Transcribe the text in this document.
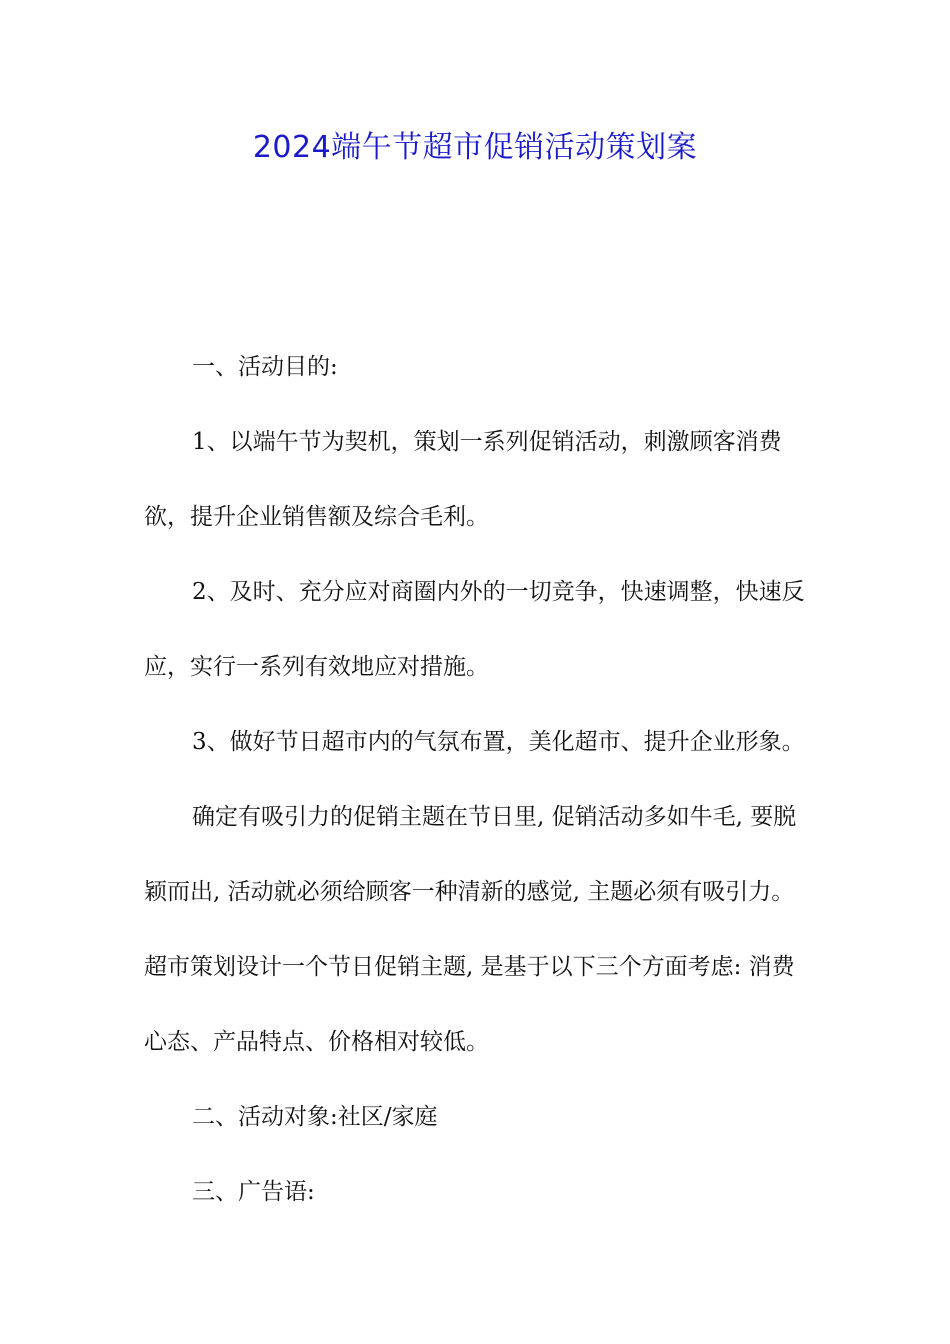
2024端午节超市促销活动策划案

一、活动目的:

1、以端午节为契机，策划一系列促销活动，刺激顾客消费欲，提升企业销售额及综合毛利。

2、及时、充分应对商圈内外的一切竞争，快速调整，快速反应，实行一系列有效地应对措施。

3、做好节日超市内的气氛布置，美化超市、提升企业形象。

确定有吸引力的促销主题在节日里, 促销活动多如牛毛, 要脱颖而出, 活动就必须给顾客一种清新的感觉, 主题必须有吸引力。超市策划设计一个节日促销主题, 是基于以下三个方面考虑: 消费心态、产品特点、价格相对较低。

二、活动对象:社区/家庭

三、广告语:
